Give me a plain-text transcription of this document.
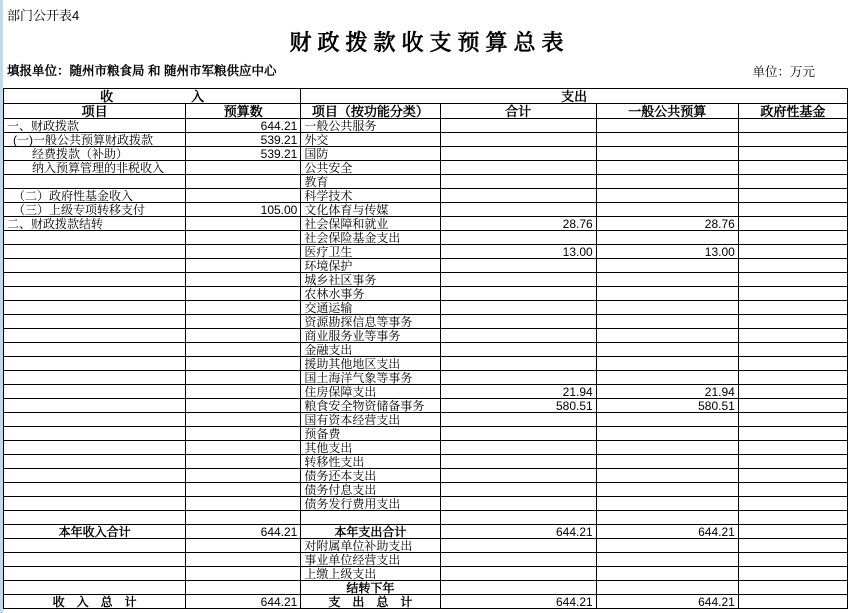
部门公开表4
财政拨款收支预算总表
填报单位：随州市粮食局 和 随州市军粮供应中心	单位：万元
收　　　　　　入		支出			
项目	预算数	项目（按功能分类）	合计	一般公共预算	政府性基金
一、财政拨款	644.21	一般公共服务			
(一)一般公共预算财政拨款	539.21	外交			
经费拨款（补助）	539.21	国防			
纳入预算管理的非税收入		公共安全			
		教育			
（二）政府性基金收入		科学技术			
（三）上级专项转移支付	105.00	文化体育与传媒			
二、财政拨款结转		社会保障和就业	28.76	28.76	
		社会保险基金支出			
		医疗卫生	13.00	13.00	
		环境保护			
		城乡社区事务			
		农林水事务			
		交通运输			
		资源勘探信息等事务			
		商业服务业等事务			
		金融支出			
		援助其他地区支出			
		国土海洋气象等事务			
		住房保障支出	21.94	21.94	
		粮食安全物资储备事务	580.51	580.51	
		国有资本经营支出			
		预备费			
		其他支出			
		转移性支出			
		债务还本支出			
		债务付息支出			
		债务发行费用支出			

本年收入合计	644.21	本年支出合计	644.21	644.21	
		对附属单位补助支出			
		事业单位经营支出			
		上缴上级支出			
		结转下年			
收　入　总　计	644.21	支　出　总　计	644.21	644.21	
